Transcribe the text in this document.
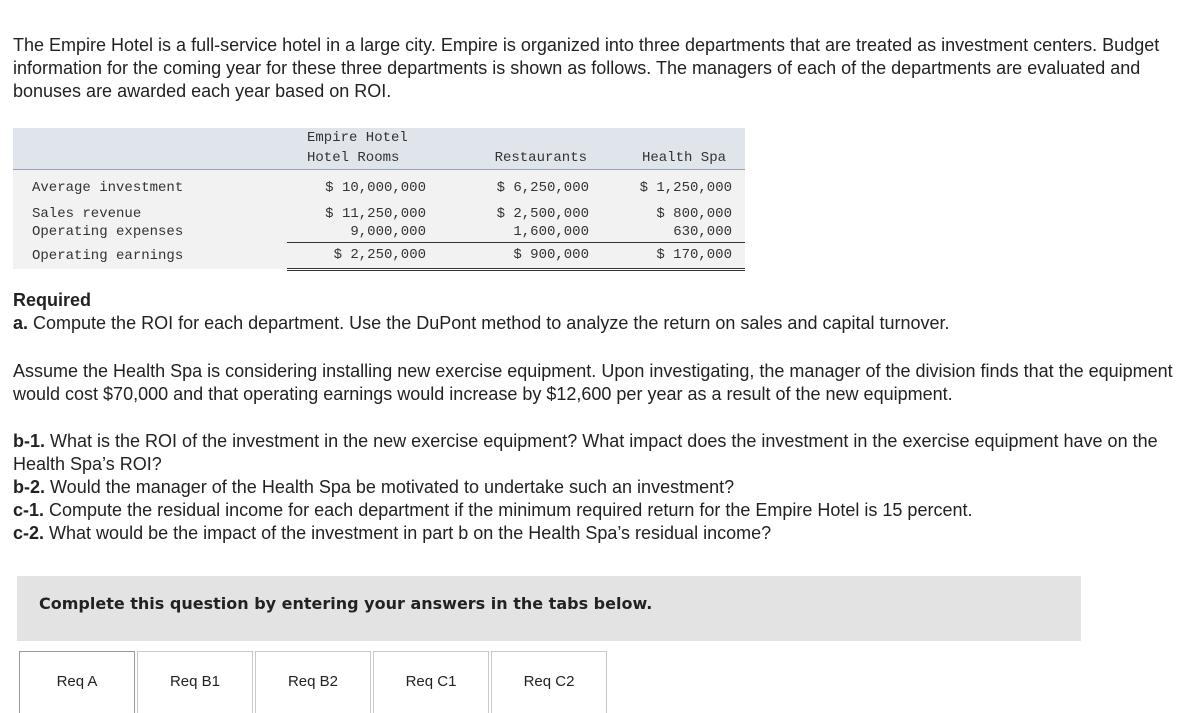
The Empire Hotel is a full-service hotel in a large city. Empire is organized into three departments that are treated as investment centers. Budget information for the coming year for these three departments is shown as follows. The managers of each of the departments are evaluated and bonuses are awarded each year based on ROI.

	Empire Hotel		
	Hotel Rooms	Restaurants	Health Spa
Average investment	$ 10,000,000	$ 6,250,000	$ 1,250,000
Sales revenue	$ 11,250,000	$ 2,500,000	$ 800,000
Operating expenses	9,000,000	1,600,000	630,000
Operating earnings	$ 2,250,000	$ 900,000	$ 170,000

Required

a. Compute the ROI for each department. Use the DuPont method to analyze the return on sales and capital turnover.

Assume the Health Spa is considering installing new exercise equipment. Upon investigating, the manager of the division finds that the equipment would cost $70,000 and that operating earnings would increase by $12,600 per year as a result of the new equipment.

b-1. What is the ROI of the investment in the new exercise equipment? What impact does the investment in the exercise equipment have on the Health Spa’s ROI?

b-2. Would the manager of the Health Spa be motivated to undertake such an investment?

c-1. Compute the residual income for each department if the minimum required return for the Empire Hotel is 15 percent.

c-2. What would be the impact of the investment in part b on the Health Spa’s residual income?

Complete this question by entering your answers in the tabs below.
Req A	Req B1	Req B2	Req C1	Req C2
